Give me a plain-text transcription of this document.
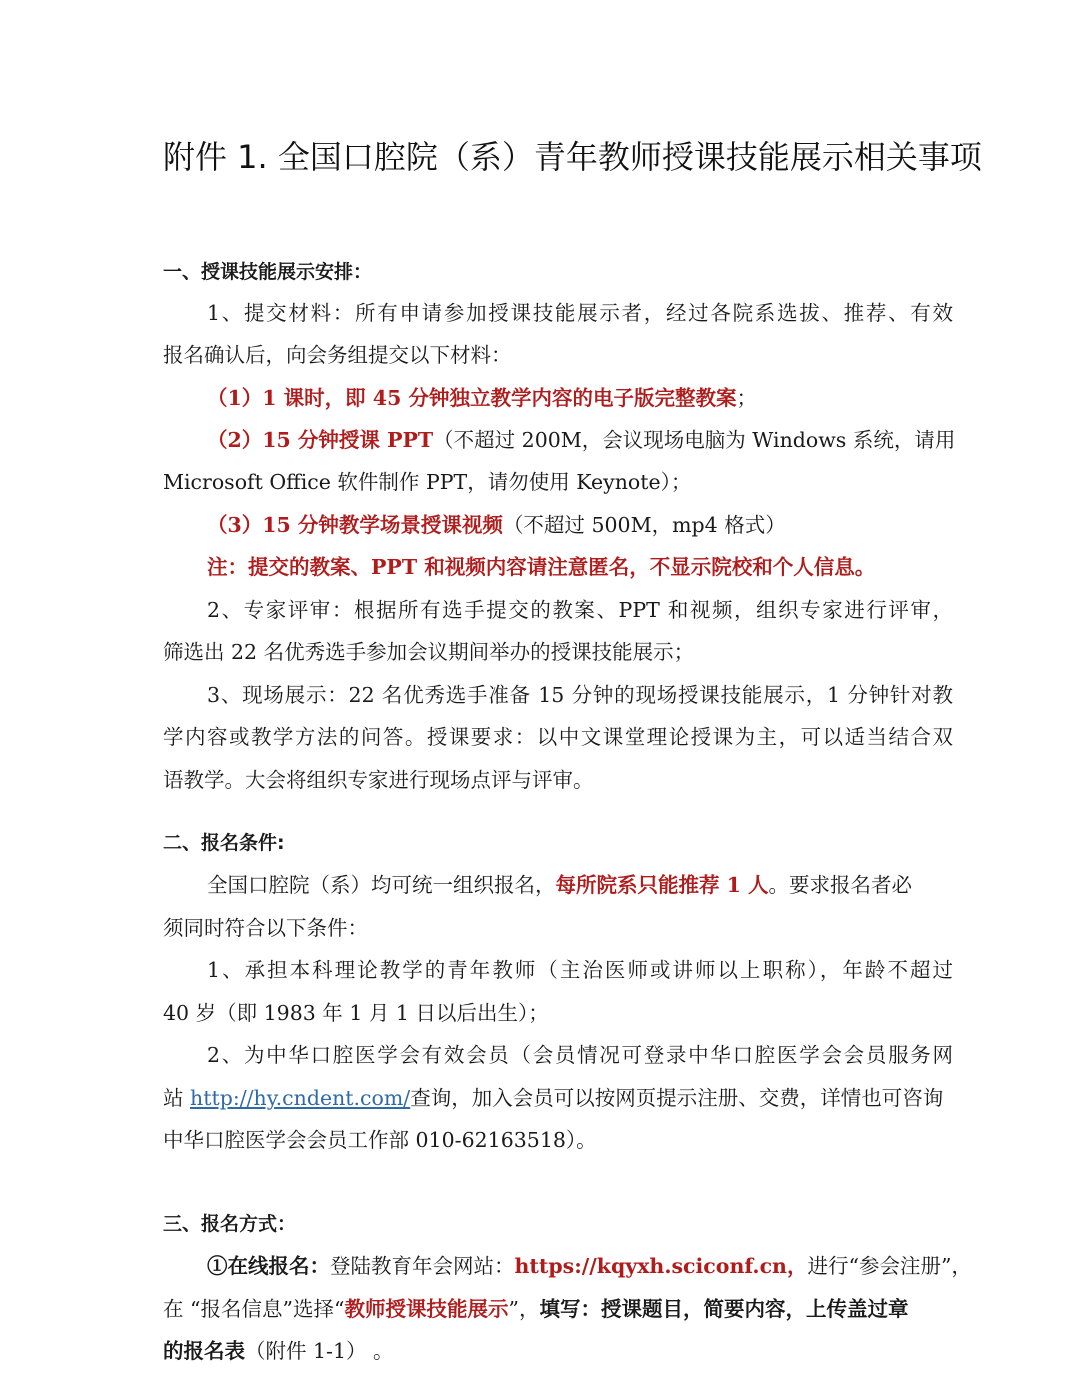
附件 1. 全国口腔院（系）青年教师授课技能展示相关事项
一、授课技能展示安排：
1、提交材料：所有申请参加授课技能展示者，经过各院系选拔、推荐、有效
报名确认后，向会务组提交以下材料：
（1）1 课时，即 45 分钟独立教学内容的电子版完整教案；
（2）15 分钟授课 PPT（不超过 200M，会议现场电脑为 Windows 系统，请用
Microsoft Office 软件制作 PPT，请勿使用 Keynote）；
（3）15 分钟教学场景授课视频（不超过 500M，mp4 格式）
注：提交的教案、PPT 和视频内容请注意匿名，不显示院校和个人信息。
2、专家评审：根据所有选手提交的教案、PPT 和视频，组织专家进行评审，
筛选出 22 名优秀选手参加会议期间举办的授课技能展示；
3、现场展示：22 名优秀选手准备 15 分钟的现场授课技能展示，1 分钟针对教
学内容或教学方法的问答。授课要求：以中文课堂理论授课为主，可以适当结合双
语教学。大会将组织专家进行现场点评与评审。
二、报名条件:
全国口腔院（系）均可统一组织报名，每所院系只能推荐 1 人。要求报名者必
须同时符合以下条件：
1、承担本科理论教学的青年教师（主治医师或讲师以上职称），年龄不超过
40 岁（即 1983 年 1 月 1 日以后出生）；
2、为中华口腔医学会有效会员（会员情况可登录中华口腔医学会会员服务网
站 http://hy.cndent.com/查询，加入会员可以按网页提示注册、交费，详情也可咨询
中华口腔医学会会员工作部 010-62163518）。
三、报名方式：
①在线报名：登陆教育年会网站：https://kqyxh.sciconf.cn，进行“参会注册”，
在 “报名信息”选择“教师授课技能展示”，填写：授课题目，简要内容，上传盖过章
的报名表（附件 1-1） 。
